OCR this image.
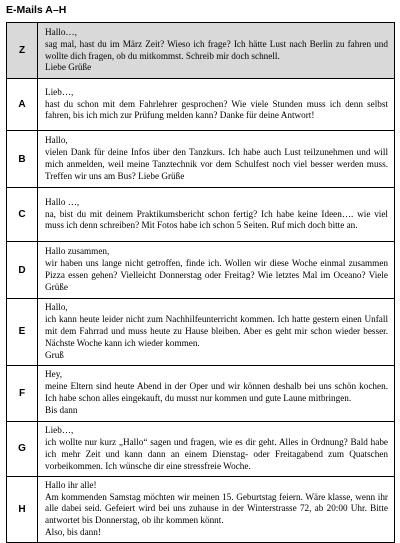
E-Mails A–H
Z	Hallo…,
sag mal, hast du im März Zeit? Wieso ich frage? Ich hätte Lust nach Berlin zu fahren und wollte dich fragen, ob du mitkommst. Schreib mir doch schnell.
Liebe Grüße

A	Lieb…,
hast du schon mit dem Fahrlehrer gesprochen? Wie viele Stunden muss ich denn selbst fahren, bis ich mich zur Prüfung melden kann? Danke für deine Antwort!

B	Hallo,
vielen Dank für deine Infos über den Tanzkurs. Ich habe auch Lust teilzunehmen und will mich anmelden, weil meine Tanztechnik vor dem Schulfest noch viel besser werden muss. Treffen wir uns am Bus? Liebe Grüße

C	Hallo …,
na, bist du mit deinem Praktikumsbericht schon fertig? Ich habe keine Ideen…. wie viel muss ich denn schreiben? Mit Fotos habe ich schon 5 Seiten. Ruf mich doch bitte an.

D	Hallo zusammen,
wir haben uns lange nicht getroffen, finde ich. Wollen wir diese Woche einmal zusammen Pizza essen gehen? Vielleicht Donnerstag oder Freitag? Wie letztes Mal im Oceano? Viele Grüße

E	Hallo,
ich kann heute leider nicht zum Nachhilfeunterricht kommen. Ich hatte gestern einen Unfall mit dem Fahrrad und muss heute zu Hause bleiben. Aber es geht mir schon wieder besser. Nächste Woche kann ich wieder kommen.
Gruß

F	Hey,
meine Eltern sind heute Abend in der Oper und wir können deshalb bei uns schön kochen. Ich habe schon alles eingekauft, du musst nur kommen und gute Laune mitbringen.
Bis dann

G	Lieb…,
ich wollte nur kurz „Hallo“ sagen und fragen, wie es dir geht. Alles in Ordnung? Bald habe ich mehr Zeit und kann dann an einem Dienstag- oder Freitagabend zum Quatschen vorbeikommen. Ich wünsche dir eine stressfreie Woche.

H	Hallo ihr alle!
Am kommenden Samstag möchten wir meinen 15. Geburtstag feiern. Wäre klasse, wenn ihr alle dabei seid. Gefeiert wird bei uns zuhause in der Winterstrasse 72, ab 20:00 Uhr. Bitte antwortet bis Donnerstag, ob ihr kommen könnt.
Also, bis dann!
